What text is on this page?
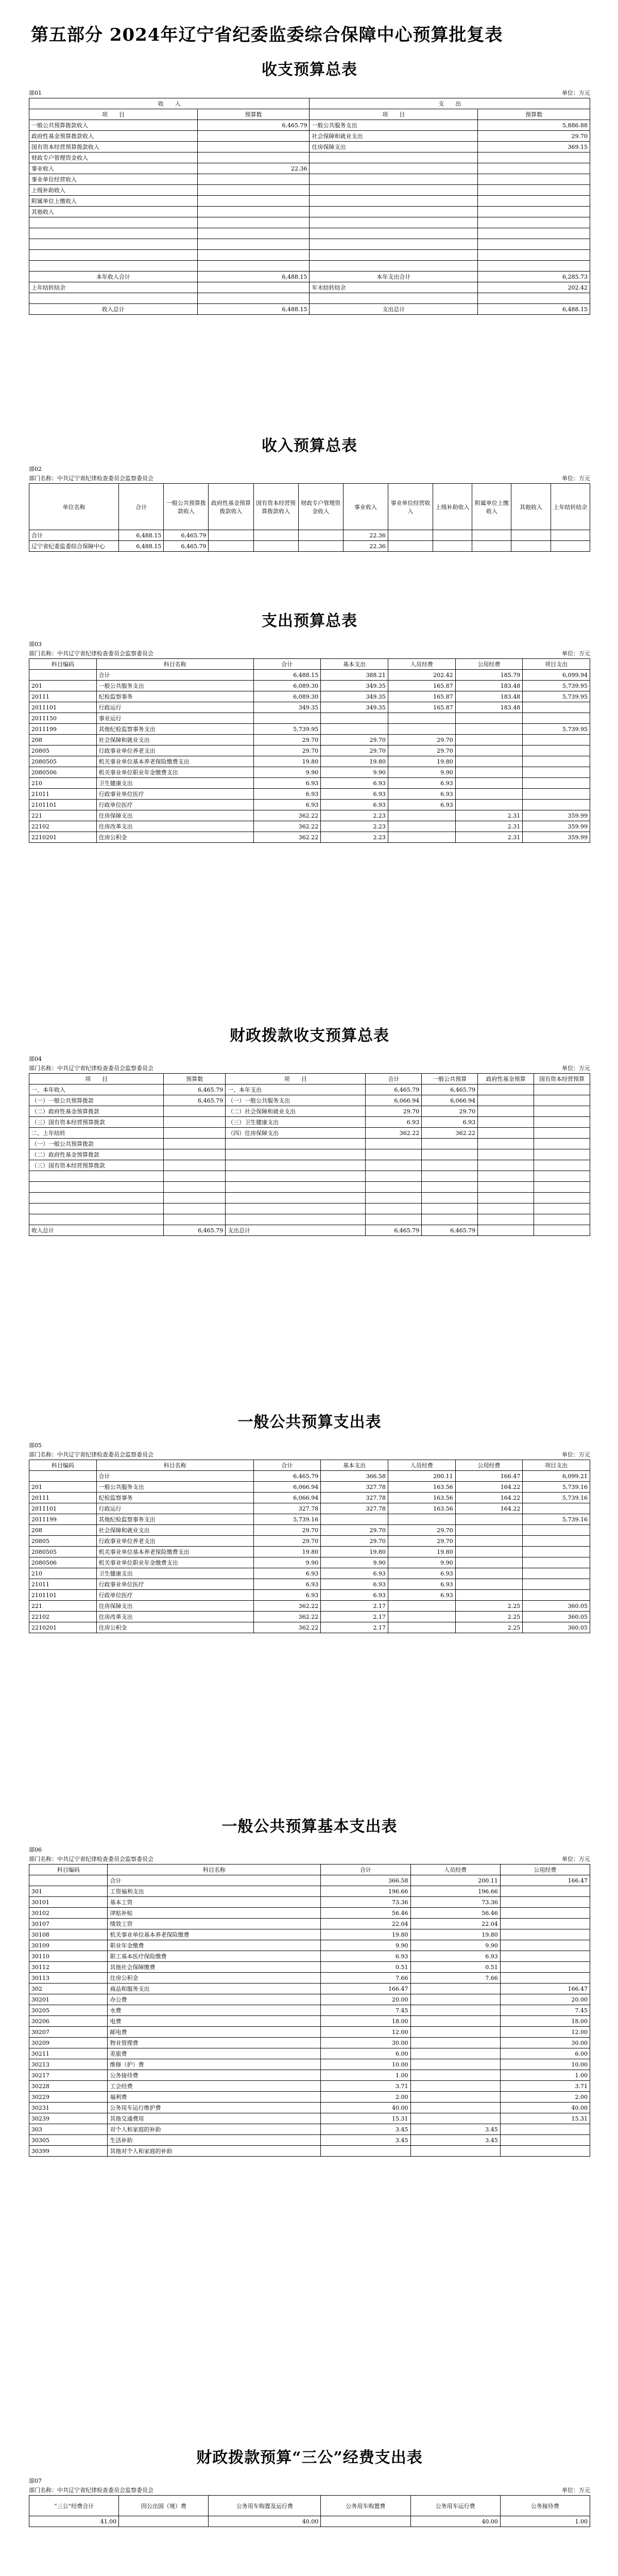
第五部分 2024年辽宁省纪委监委综合保障中心预算批复表
收支预算总表
部01	单位：万元
收　　入		支　　出	
项　　目	预算数	项　　目	预算数
一般公共预算拨款收入	6,465.79	一般公共服务支出	5,886.88
政府性基金预算拨款收入		社会保障和就业支出	29.70
国有资本经营预算拨款收入		住房保障支出	369.15
财政专户管理资金收入			
事业收入	22.36		
事业单位经营收入			
上级补助收入			
附属单位上缴收入			
其他收入			

本年收入合计	6,488.15	本年支出合计	6,285.73
上年结转结余		年末结转结余	202.42

收入总计	6,488.15	支出总计	6,488.15
收入预算总表
部02
部门名称：中共辽宁省纪律检查委员会监察委员会	单位：万元
单位名称	合计	一般公共预算拨款收入	政府性基金预算拨款收入	国有资本经营预算拨款收入	财政专户管理资金收入	事业收入	事业单位经营收入	上级补助收入	附属单位上缴收入	其他收入	上年结转结余
合计	6,488.15	6,465.79				22.36					
辽宁省纪委监委综合保障中心	6,488.15	6,465.79				22.36					
支出预算总表
部03
部门名称：中共辽宁省纪律检查委员会监察委员会	单位：万元
科目编码	科目名称	合计	基本支出	人员经费	公用经费	项目支出
	合计	6,488.15	388.21	202.42	185.79	6,099.94
201	一般公共服务支出	6,089.30	349.35	165.87	183.48	5,739.95
20111	纪检监察事务	6,089.30	349.35	165.87	183.48	5,739.95
2011101	行政运行	349.35	349.35	165.87	183.48	
2011150	事业运行					
2011199	其他纪检监察事务支出	5,739.95				5,739.95
208	社会保障和就业支出	29.70	29.70	29.70		
20805	行政事业单位养老支出	29.70	29.70	29.70		
2080505	机关事业单位基本养老保险缴费支出	19.80	19.80	19.80		
2080506	机关事业单位职业年金缴费支出	9.90	9.90	9.90		
210	卫生健康支出	6.93	6.93	6.93		
21011	行政事业单位医疗	6.93	6.93	6.93		
2101101	行政单位医疗	6.93	6.93	6.93		
221	住房保障支出	362.22	2.23		2.31	359.99
22102	住房改革支出	362.22	2.23		2.31	359.99
2210201	住房公积金	362.22	2.23		2.31	359.99
财政拨款收支预算总表
部04
部门名称：中共辽宁省纪律检查委员会监察委员会	单位：万元
项　　目	预算数	项　　目	合计	一般公共预算	政府性基金预算	国有资本经营预算
一、本年收入	6,465.79	一、本年支出	6,465.79	6,465.79		
（一）一般公共预算拨款	6,465.79	（一）一般公共服务支出	6,066.94	6,066.94		
（二）政府性基金预算拨款		（二）社会保障和就业支出	29.70	29.70		
（三）国有资本经营预算拨款		（三）卫生健康支出	6.93	6.93		
二、上年结转		（四）住房保障支出	362.22	362.22		
（一）一般公共预算拨款						
（二）政府性基金预算拨款						
（三）国有资本经营预算拨款						

收入总计	6,465.79	支出总计	6,465.79	6,465.79		
一般公共预算支出表
部05
部门名称：中共辽宁省纪律检查委员会监察委员会	单位：万元
科目编码	科目名称	合计	基本支出	人员经费	公用经费	项目支出
	合计	6,465.79	366.58	200.11	166.47	6,099.21
201	一般公共服务支出	6,066.94	327.78	163.56	164.22	5,739.16
20111	纪检监察事务	6,066.94	327.78	163.56	164.22	5,739.16
2011101	行政运行	327.78	327.78	163.56	164.22	
2011199	其他纪检监察事务支出	5,739.16				5,739.16
208	社会保障和就业支出	29.70	29.70	29.70		
20805	行政事业单位养老支出	29.70	29.70	29.70		
2080505	机关事业单位基本养老保险缴费支出	19.80	19.80	19.80		
2080506	机关事业单位职业年金缴费支出	9.90	9.90	9.90		
210	卫生健康支出	6.93	6.93	6.93		
21011	行政事业单位医疗	6.93	6.93	6.93		
2101101	行政单位医疗	6.93	6.93	6.93		
221	住房保障支出	362.22	2.17		2.25	360.05
22102	住房改革支出	362.22	2.17		2.25	360.05
2210201	住房公积金	362.22	2.17		2.25	360.05
一般公共预算基本支出表
部06
部门名称：中共辽宁省纪律检查委员会监察委员会	单位：万元
科目编码	科目名称	合计	人员经费	公用经费
	合计	366.58	200.11	166.47
301	工资福利支出	196.66	196.66	
30101	基本工资	73.36	73.36	
30102	津贴补贴	56.46	56.46	
30107	绩效工资	22.04	22.04	
30108	机关事业单位基本养老保险缴费	19.80	19.80	
30109	职业年金缴费	9.90	9.90	
30110	职工基本医疗保险缴费	6.93	6.93	
30112	其他社会保障缴费	0.51	0.51	
30113	住房公积金	7.66	7.66	
302	商品和服务支出	166.47		166.47
30201	办公费	20.00		20.00
30205	水费	7.45		7.45
30206	电费	18.00		18.00
30207	邮电费	12.00		12.00
30209	物业管理费	30.00		30.00
30211	差旅费	6.00		6.00
30213	维修（护）费	10.00		10.00
30217	公务接待费	1.00		1.00
30228	工会经费	3.71		3.71
30229	福利费	2.00		2.00
30231	公务用车运行维护费	40.00		40.00
30239	其他交通费用	15.31		15.31
303	对个人和家庭的补助	3.45	3.45	
30305	生活补助	3.45	3.45	
30399	其他对个人和家庭的补助			
财政拨款预算“三公”经费支出表
部07
部门名称：中共辽宁省纪律检查委员会监察委员会	单位：万元
“三公”经费合计	因公出国（境）费	公务用车购置及运行费	公务用车购置费	公务用车运行费	公务接待费
41.00		40.00		40.00	1.00
